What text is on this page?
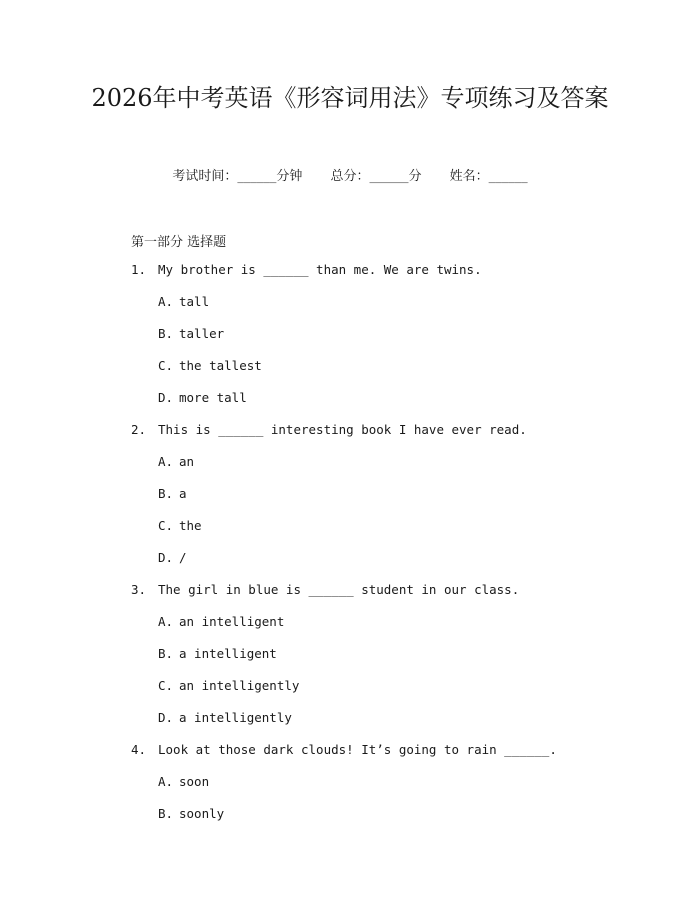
2026年中考英语《形容词用法》专项练习及答案
考试时间：______分钟 总分：______分 姓名：______
第一部分 选择题
1. My brother is ______ than me. We are twins.
A. tall
B. taller
C. the tallest
D. more tall
2. This is ______ interesting book I have ever read.
A. an
B. a
C. the
D. /
3. The girl in blue is ______ student in our class.
A. an intelligent
B. a intelligent
C. an intelligently
D. a intelligently
4. Look at those dark clouds! It’s going to rain ______.
A. soon
B. soonly
